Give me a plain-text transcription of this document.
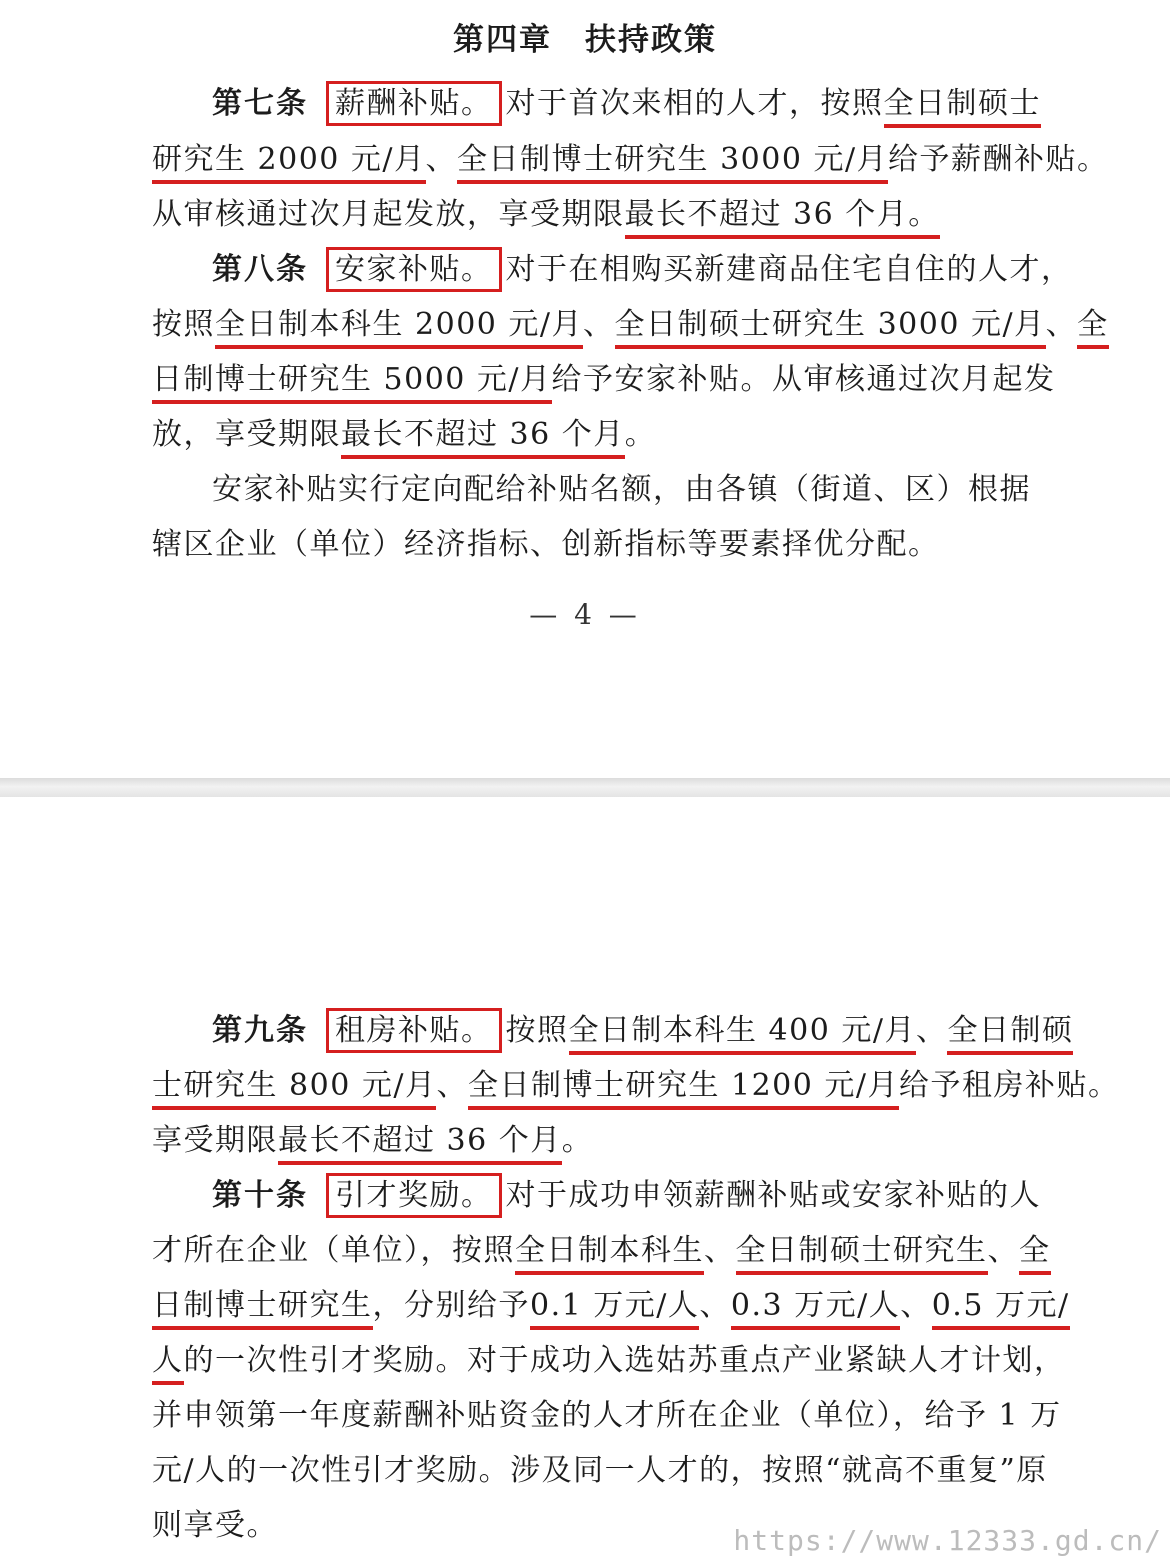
第四章　扶持政策
第七条 薪酬补贴。 对于首次来相的人才，按照全日制硕士
研究生 2000 元/月、全日制博士研究生 3000 元/月给予薪酬补贴。
从审核通过次月起发放，享受期限最长不超过 36 个月。
第八条 安家补贴。 对于在相购买新建商品住宅自住的人才，
按照全日制本科生 2000 元/月、全日制硕士研究生 3000 元/月、全
日制博士研究生 5000 元/月给予安家补贴。从审核通过次月起发
放，享受期限最长不超过 36 个月。
安家补贴实行定向配给补贴名额，由各镇（街道、区）根据
辖区企业（单位）经济指标、创新指标等要素择优分配。
— 4 —
第九条 租房补贴。 按照全日制本科生 400 元/月、全日制硕
士研究生 800 元/月、全日制博士研究生 1200 元/月给予租房补贴。
享受期限最长不超过 36 个月。
第十条 引才奖励。 对于成功申领薪酬补贴或安家补贴的人
才所在企业（单位），按照全日制本科生、全日制硕士研究生、全
日制博士研究生，分别给予0.1 万元/人、0.3 万元/人、0.5 万元/
人的一次性引才奖励。对于成功入选姑苏重点产业紧缺人才计划，
并申领第一年度薪酬补贴资金的人才所在企业（单位），给予 1 万
元/人的一次性引才奖励。涉及同一人才的，按照“就高不重复”原
则享受。	https://www.12333.gd.cn/
